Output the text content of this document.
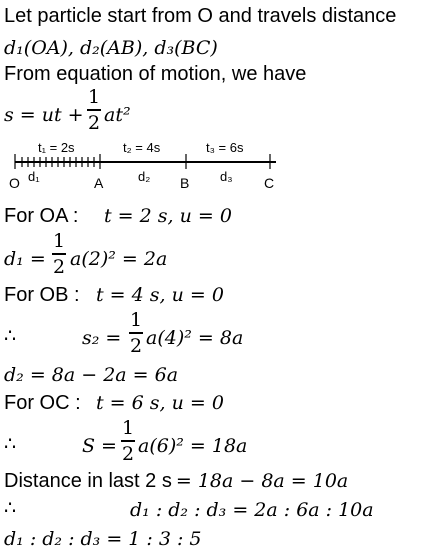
Let particle start from O and travels distance
d₁(OA), d₂(AB), d₃(BC)
From equation of motion, we have
s = ut +
1
2 at²
t₁ = 2s	t₂ = 4s	t₃ = 6s
d₁	d₂	d₃
O	A	B	C
For OA : t = 2 s, u = 0
d₁ =
1
2 a(2)² = 2a
For OB : t = 4 s, u = 0
∴	s₂ =
1
2 a(4)² = 8a
d₂ = 8a − 2a = 6a
For OC : t = 6 s, u = 0
∴	S =
1
2 a(6)² = 18a
Distance in last 2 s = 18a − 8a = 10a
∴	d₁ : d₂ : d₃ = 2a : 6a : 10a
d₁ : d₂ : d₃ = 1 : 3 : 5
